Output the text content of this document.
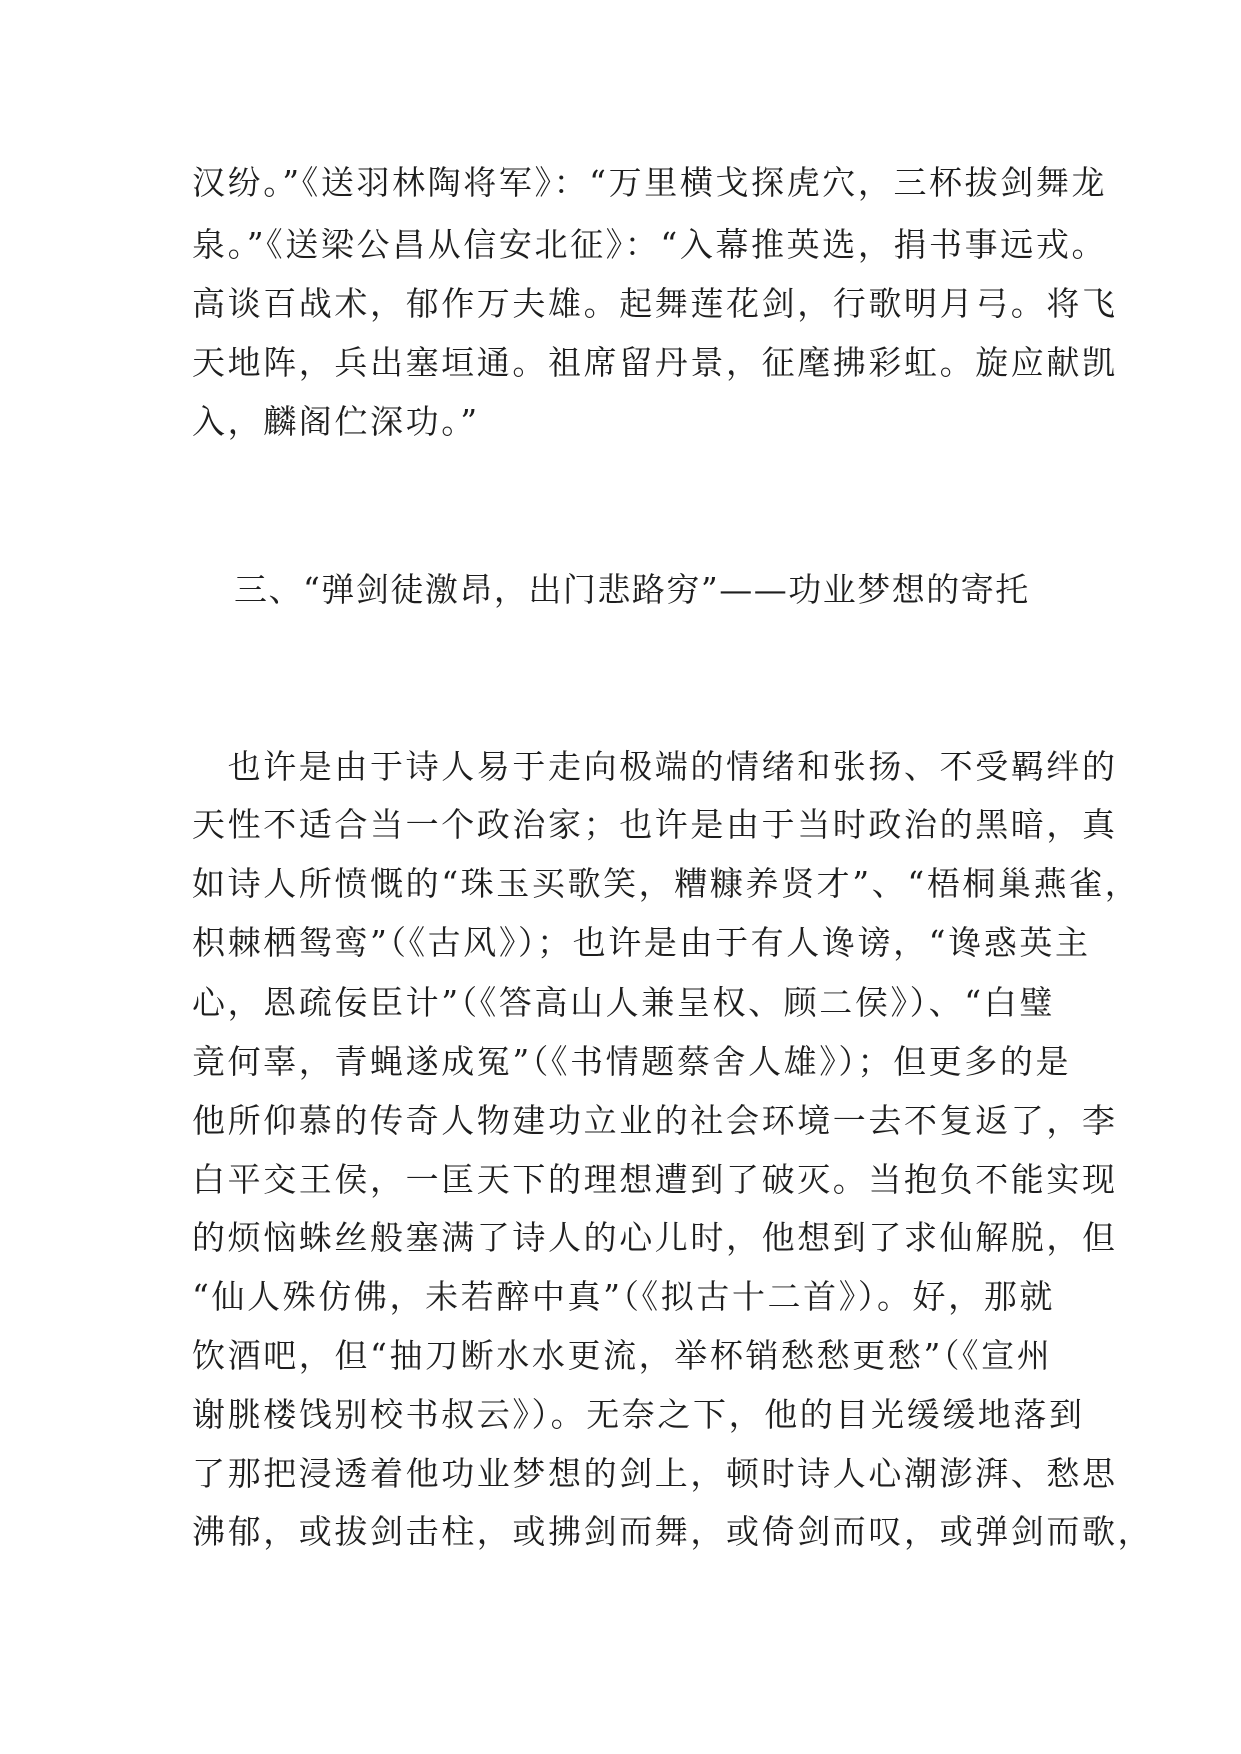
汉纷。”《送羽林陶将军》：“万里横戈探虎穴，三杯拔剑舞龙
泉。”《送梁公昌从信安北征》：“入幕推英选，捐书事远戎。
高谈百战术，郁作万夫雄。起舞莲花剑，行歌明月弓。将飞
天地阵，兵出塞垣通。祖席留丹景，征麾拂彩虹。旋应献凯
入，麟阁伫深功。”
三、“弹剑徒激昂，出门悲路穷”——功业梦想的寄托
　也许是由于诗人易于走向极端的情绪和张扬、不受羁绊的
天性不适合当一个政治家；也许是由于当时政治的黑暗，真
如诗人所愤慨的“珠玉买歌笑，糟糠养贤才”、“梧桐巢燕雀，
枳棘栖鸳鸾”（《古风》）；也许是由于有人谗谤，“谗惑英主
心，恩疏佞臣计”（《答高山人兼呈权、顾二侯》）、“白璧
竟何辜，青蝇遂成冤”（《书情题蔡舍人雄》）；但更多的是
他所仰慕的传奇人物建功立业的社会环境一去不复返了，李
白平交王侯，一匡天下的理想遭到了破灭。当抱负不能实现
的烦恼蛛丝般塞满了诗人的心儿时，他想到了求仙解脱，但
“仙人殊仿佛，未若醉中真”（《拟古十二首》）。好，那就
饮酒吧，但“抽刀断水水更流，举杯销愁愁更愁”（《宣州
谢朓楼饯别校书叔云》）。无奈之下，他的目光缓缓地落到
了那把浸透着他功业梦想的剑上，顿时诗人心潮澎湃、愁思
沸郁，或拔剑击柱，或拂剑而舞，或倚剑而叹，或弹剑而歌，
